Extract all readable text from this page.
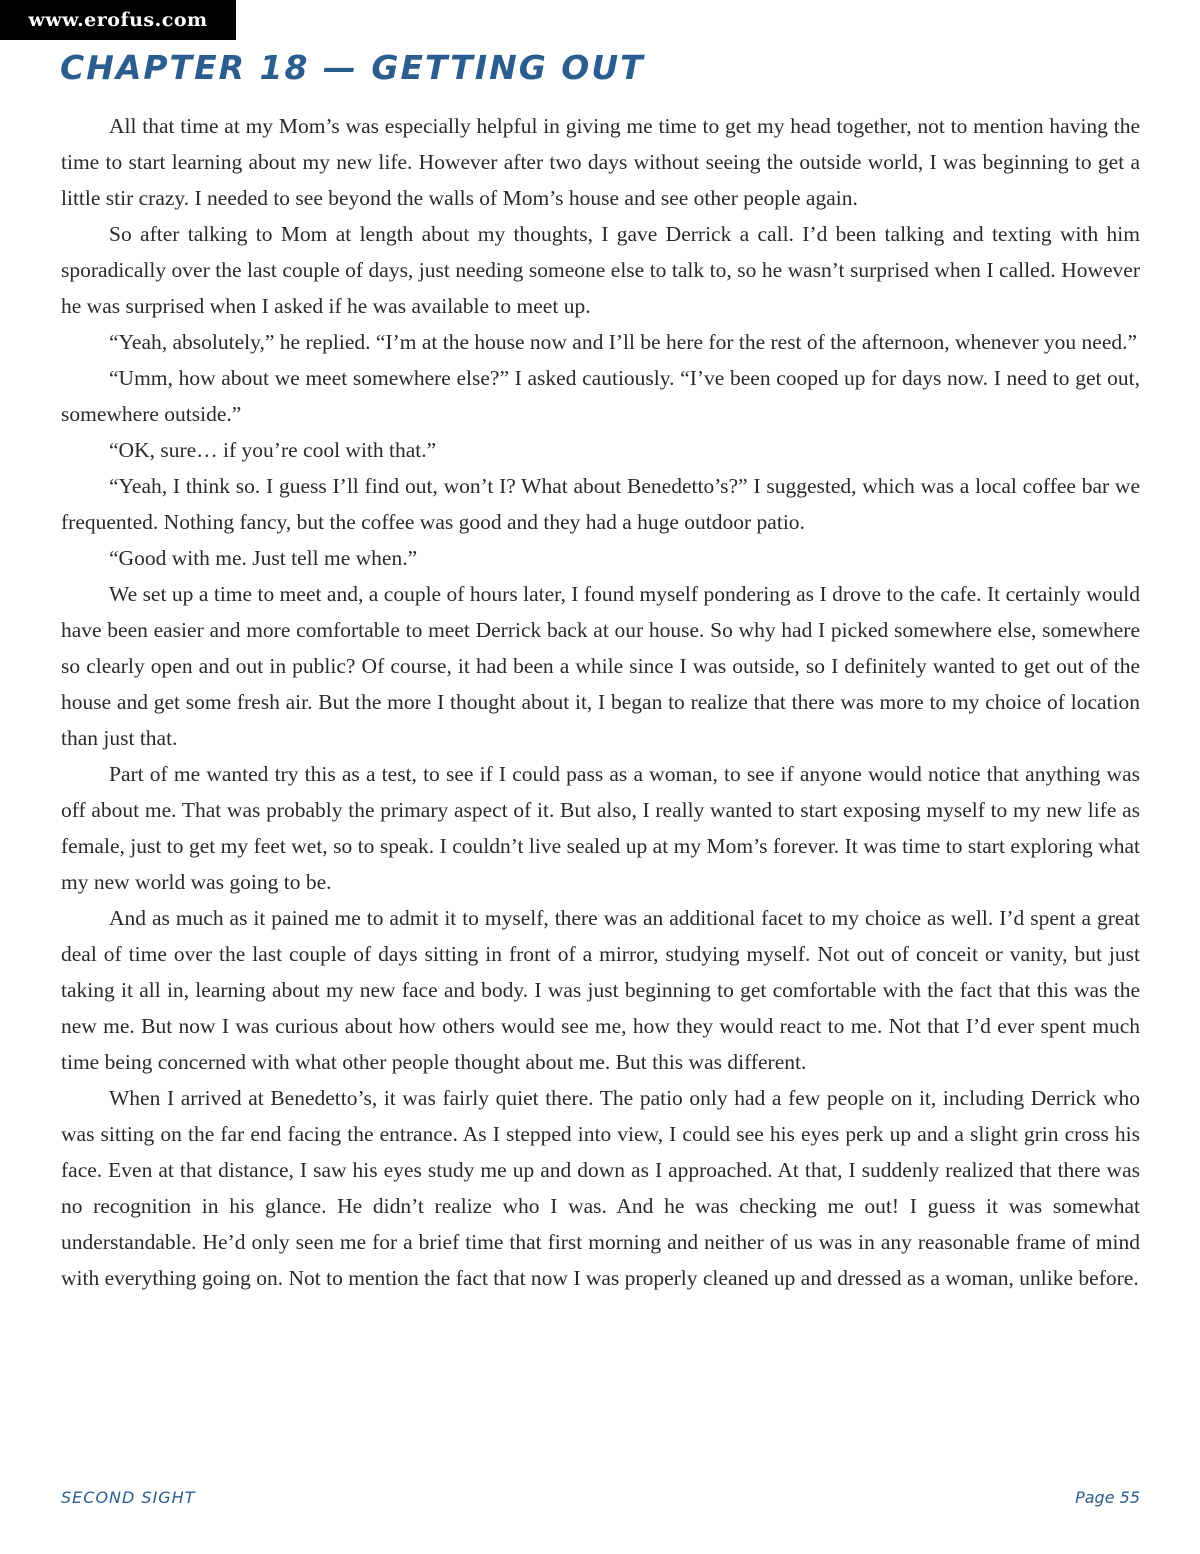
www.erofus.com
CHAPTER 18 — GETTING OUT

All that time at my Mom’s was especially helpful in giving me time to get my head together, not to mention having the time to start learning about my new life. However after two days without seeing the outside world, I was beginning to get a little stir crazy. I needed to see beyond the walls of Mom’s house and see other people again.

So after talking to Mom at length about my thoughts, I gave Derrick a call. I’d been talking and texting with him sporadically over the last couple of days, just needing someone else to talk to, so he wasn’t surprised when I called. However he was surprised when I asked if he was available to meet up.

“Yeah, absolutely,” he replied. “I’m at the house now and I’ll be here for the rest of the afternoon, whenever you need.”

“Umm, how about we meet somewhere else?” I asked cautiously. “I’ve been cooped up for days now. I need to get out, somewhere outside.”

“OK, sure… if you’re cool with that.”

“Yeah, I think so. I guess I’ll find out, won’t I? What about Benedetto’s?” I suggested, which was a local coffee bar we frequented. Nothing fancy, but the coffee was good and they had a huge outdoor patio.

“Good with me. Just tell me when.”

We set up a time to meet and, a couple of hours later, I found myself pondering as I drove to the cafe. It certainly would have been easier and more comfortable to meet Derrick back at our house. So why had I picked somewhere else, somewhere so clearly open and out in public? Of course, it had been a while since I was outside, so I definitely wanted to get out of the house and get some fresh air. But the more I thought about it, I began to realize that there was more to my choice of location than just that.

Part of me wanted try this as a test, to see if I could pass as a woman, to see if anyone would notice that anything was off about me. That was probably the primary aspect of it. But also, I really wanted to start exposing myself to my new life as female, just to get my feet wet, so to speak. I couldn’t live sealed up at my Mom’s forever. It was time to start exploring what my new world was going to be.

And as much as it pained me to admit it to myself, there was an additional facet to my choice as well. I’d spent a great deal of time over the last couple of days sitting in front of a mirror, studying myself. Not out of conceit or vanity, but just taking it all in, learning about my new face and body. I was just beginning to get comfortable with the fact that this was the new me. But now I was curious about how others would see me, how they would react to me. Not that I’d ever spent much time being concerned with what other people thought about me. But this was different.

When I arrived at Benedetto’s, it was fairly quiet there. The patio only had a few people on it, including Derrick who was sitting on the far end facing the entrance. As I stepped into view, I could see his eyes perk up and a slight grin cross his face. Even at that distance, I saw his eyes study me up and down as I approached. At that, I suddenly realized that there was no recognition in his glance. He didn’t realize who I was. And he was checking me out! I guess it was somewhat understandable. He’d only seen me for a brief time that first morning and neither of us was in any reasonable frame of mind with everything going on. Not to mention the fact that now I was properly cleaned up and dressed as a woman, unlike before.

SECOND SIGHT	Page 55
